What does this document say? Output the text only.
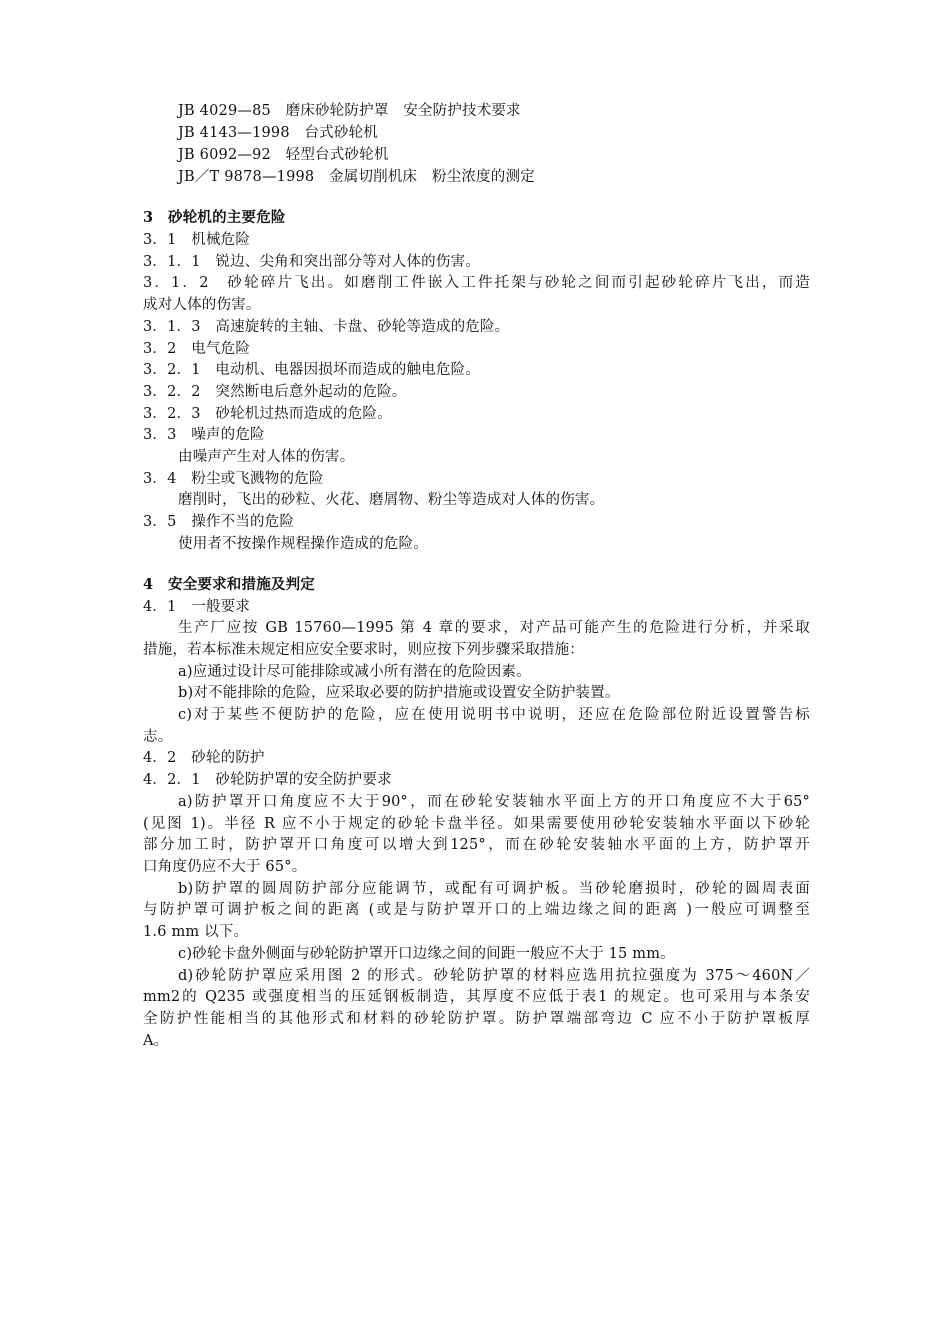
JB 4029—85　磨床砂轮防护罩　安全防护技术要求
JB 4143—1998　台式砂轮机
JB 6092—92　轻型台式砂轮机
JB／T 9878—1998　金属切削机床　粉尘浓度的测定
3　砂轮机的主要危险
3．1　机械危险
3．1．1　锐边、尖角和突出部分等对人体的伤害。
3．1．2　砂轮碎片飞出。如磨削工件嵌入工件托架与砂轮之间而引起砂轮碎片飞出，而造
成对人体的伤害。
3．1．3　高速旋转的主轴、卡盘、砂轮等造成的危险。
3．2　电气危险
3．2．1　电动机、电器因损坏而造成的触电危险。
3．2．2　突然断电后意外起动的危险。
3．2．3　砂轮机过热而造成的危险。
3．3　噪声的危险
由噪声产生对人体的伤害。
3．4　粉尘或飞溅物的危险
磨削时，飞出的砂粒、火花、磨屑物、粉尘等造成对人体的伤害。
3．5　操作不当的危险
使用者不按操作规程操作造成的危险。
4　安全要求和措施及判定
4．1　一般要求
生产厂应按 GB 15760—1995 第 4 章的要求，对产品可能产生的危险进行分析，并采取
措施，若本标准未规定相应安全要求时，则应按下列步骤采取措施：
a)应通过设计尽可能排除或减小所有潜在的危险因素。
b)对不能排除的危险，应采取必要的防护措施或设置安全防护装置。
c)对于某些不便防护的危险，应在使用说明书中说明，还应在危险部位附近设置警告标
志。
4．2　砂轮的防护
4．2．1　砂轮防护罩的安全防护要求
a)防护罩开口角度应不大于90°，而在砂轮安装轴水平面上方的开口角度应不大于65°
(见图 1)。半径 R 应不小于规定的砂轮卡盘半径。如果需要使用砂轮安装轴水平面以下砂轮
部分加工时，防护罩开口角度可以增大到125°，而在砂轮安装轴水平面的上方，防护罩开
口角度仍应不大于 65°。
b)防护罩的圆周防护部分应能调节，或配有可调护板。当砂轮磨损时，砂轮的圆周表面
与防护罩可调护板之间的距离 (或是与防护罩开口的上端边缘之间的距离 )一般应可调整至
1.6 mm 以下。
c)砂轮卡盘外侧面与砂轮防护罩开口边缘之间的间距一般应不大于 15 mm。
d)砂轮防护罩应采用图 2 的形式。砂轮防护罩的材料应选用抗拉强度为 375～460N／
mm2的 Q235 或强度相当的压延钢板制造，其厚度不应低于表1 的规定。也可采用与本条安
全防护性能相当的其他形式和材料的砂轮防护罩。防护罩端部弯边 C 应不小于防护罩板厚
A。
